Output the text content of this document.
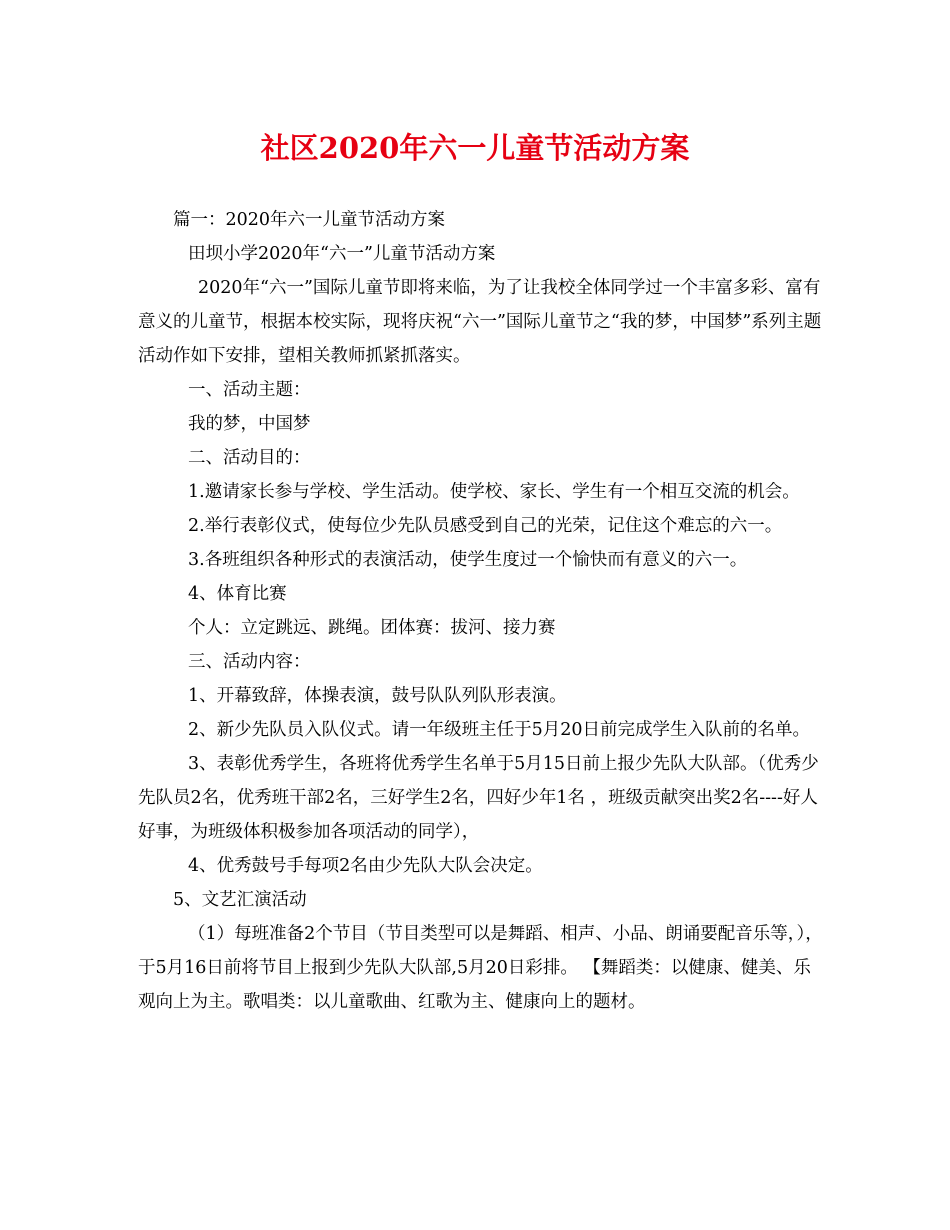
社区2020年六一儿童节活动方案

篇一：2020年六一儿童节活动方案

田坝小学2020年“六一”儿童节活动方案

2020年“六一”国际儿童节即将来临，为了让我校全体同学过一个丰富多彩、富有意义的儿童节，根据本校实际，现将庆祝“六一”国际儿童节之“我的梦，中国梦”系列主题活动作如下安排，望相关教师抓紧抓落实。

一、活动主题：

我的梦，中国梦

二、活动目的：

1.邀请家长参与学校、学生活动。使学校、家长、学生有一个相互交流的机会。

2.举行表彰仪式，使每位少先队员感受到自己的光荣，记住这个难忘的六一。

3.各班组织各种形式的表演活动，使学生度过一个愉快而有意义的六一。

4、体育比赛

个人：立定跳远、跳绳。团体赛：拔河、接力赛

三、活动内容：

1、开幕致辞，体操表演，鼓号队队列队形表演。

2、新少先队员入队仪式。请一年级班主任于5月20日前完成学生入队前的名单。

3、表彰优秀学生，各班将优秀学生名单于5月15日前上报少先队大队部。（优秀少先队员2名，优秀班干部2名，三好学生2名，四好少年1名 ，班级贡献突出奖2名----好人好事，为班级体积极参加各项活动的同学），

4、优秀鼓号手每项2名由少先队大队会决定。

5、文艺汇演活动

（1）每班准备2个节目（节目类型可以是舞蹈、相声、小品、朗诵要配音乐等，），于5月16日前将节目上报到少先队大队部,5月20日彩排。 【舞蹈类：以健康、健美、乐观向上为主。歌唱类：以儿童歌曲、红歌为主、健康向上的题材。
